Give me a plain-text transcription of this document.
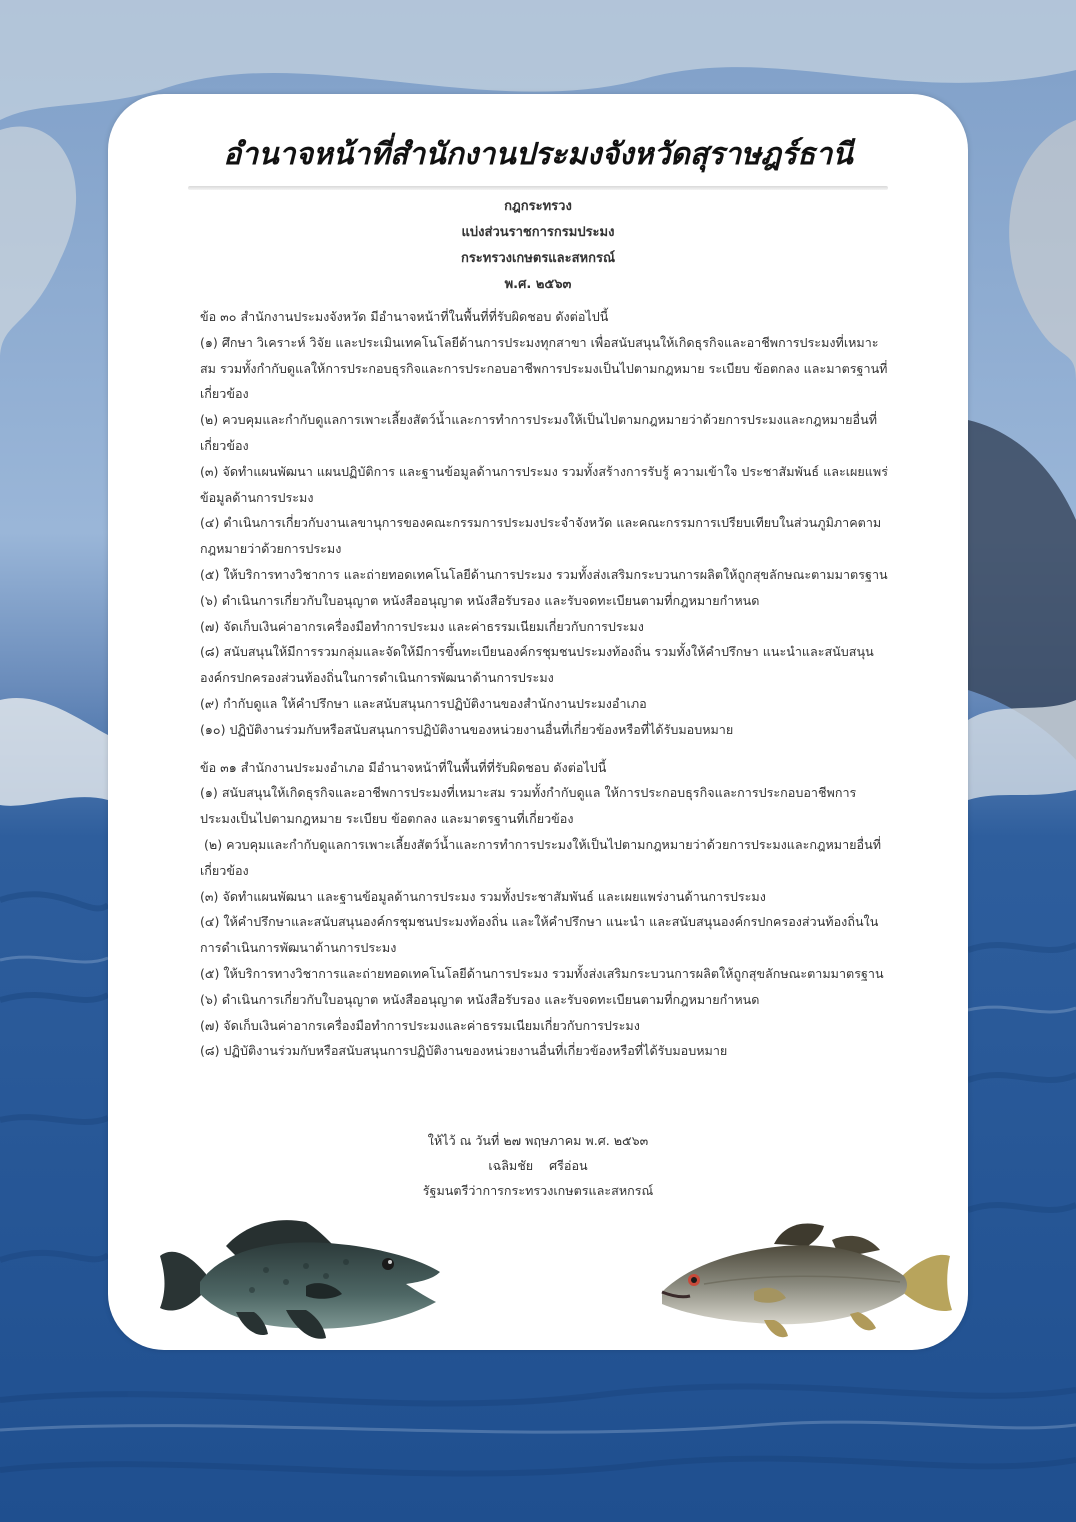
อำนาจหน้าที่สำนักงานประมงจังหวัดสุราษฎร์ธานี
กฎกระทรวง
แบ่งส่วนราชการกรมประมง
กระทรวงเกษตรและสหกรณ์
พ.ศ. ๒๕๖๓
ข้อ ๓๐ สำนักงานประมงจังหวัด มีอำนาจหน้าที่ในพื้นที่ที่รับผิดชอบ ดังต่อไปนี้
(๑) ศึกษา วิเคราะห์ วิจัย และประเมินเทคโนโลยีด้านการประมงทุกสาขา เพื่อสนับสนุนให้เกิดธุรกิจและอาชีพการประมงที่เหมาะสม รวมทั้งกำกับดูแลให้การประกอบธุรกิจและการประกอบอาชีพการประมงเป็นไปตามกฎหมาย ระเบียบ ข้อตกลง และมาตรฐานที่เกี่ยวข้อง
(๒) ควบคุมและกำกับดูแลการเพาะเลี้ยงสัตว์น้ำและการทำการประมงให้เป็นไปตามกฎหมายว่าด้วยการประมงและกฎหมายอื่นที่เกี่ยวข้อง
(๓) จัดทำแผนพัฒนา แผนปฏิบัติการ และฐานข้อมูลด้านการประมง รวมทั้งสร้างการรับรู้ ความเข้าใจ ประชาสัมพันธ์ และเผยแพร่ข้อมูลด้านการประมง
(๔) ดำเนินการเกี่ยวกับงานเลขานุการของคณะกรรมการประมงประจำจังหวัด และคณะกรรมการเปรียบเทียบในส่วนภูมิภาคตามกฎหมายว่าด้วยการประมง
(๕) ให้บริการทางวิชาการ และถ่ายทอดเทคโนโลยีด้านการประมง รวมทั้งส่งเสริมกระบวนการผลิตให้ถูกสุขลักษณะตามมาตรฐาน
(๖) ดำเนินการเกี่ยวกับใบอนุญาต หนังสืออนุญาต หนังสือรับรอง และรับจดทะเบียนตามที่กฎหมายกำหนด
(๗) จัดเก็บเงินค่าอากรเครื่องมือทำการประมง และค่าธรรมเนียมเกี่ยวกับการประมง
(๘) สนับสนุนให้มีการรวมกลุ่มและจัดให้มีการขึ้นทะเบียนองค์กรชุมชนประมงท้องถิ่น รวมทั้งให้คำปรึกษา แนะนำและสนับสนุนองค์กรปกครองส่วนท้องถิ่นในการดำเนินการพัฒนาด้านการประมง
(๙) กำกับดูแล ให้คำปรึกษา และสนับสนุนการปฏิบัติงานของสำนักงานประมงอำเภอ
(๑๐) ปฏิบัติงานร่วมกับหรือสนับสนุนการปฏิบัติงานของหน่วยงานอื่นที่เกี่ยวข้องหรือที่ได้รับมอบหมาย
ข้อ ๓๑ สำนักงานประมงอำเภอ มีอำนาจหน้าที่ในพื้นที่ที่รับผิดชอบ ดังต่อไปนี้
(๑) สนับสนุนให้เกิดธุรกิจและอาชีพการประมงที่เหมาะสม รวมทั้งกำกับดูแล ให้การประกอบธุรกิจและการประกอบอาชีพการประมงเป็นไปตามกฎหมาย ระเบียบ ข้อตกลง และมาตรฐานที่เกี่ยวข้อง
(๒) ควบคุมและกำกับดูแลการเพาะเลี้ยงสัตว์น้ำและการทำการประมงให้เป็นไปตามกฎหมายว่าด้วยการประมงและกฎหมายอื่นที่เกี่ยวข้อง
(๓) จัดทำแผนพัฒนา และฐานข้อมูลด้านการประมง รวมทั้งประชาสัมพันธ์ และเผยแพร่งานด้านการประมง
(๔) ให้คำปรึกษาและสนับสนุนองค์กรชุมชนประมงท้องถิ่น และให้คำปรึกษา แนะนำ และสนับสนุนองค์กรปกครองส่วนท้องถิ่นในการดำเนินการพัฒนาด้านการประมง
(๕) ให้บริการทางวิชาการและถ่ายทอดเทคโนโลยีด้านการประมง รวมทั้งส่งเสริมกระบวนการผลิตให้ถูกสุขลักษณะตามมาตรฐาน
(๖) ดำเนินการเกี่ยวกับใบอนุญาต หนังสืออนุญาต หนังสือรับรอง และรับจดทะเบียนตามที่กฎหมายกำหนด
(๗) จัดเก็บเงินค่าอากรเครื่องมือทำการประมงและค่าธรรมเนียมเกี่ยวกับการประมง
(๘) ปฏิบัติงานร่วมกับหรือสนับสนุนการปฏิบัติงานของหน่วยงานอื่นที่เกี่ยวข้องหรือที่ได้รับมอบหมาย
ให้ไว้ ณ วันที่ ๒๗ พฤษภาคม พ.ศ. ๒๕๖๓
เฉลิมชัย    ศรีอ่อน
รัฐมนตรีว่าการกระทรวงเกษตรและสหกรณ์
